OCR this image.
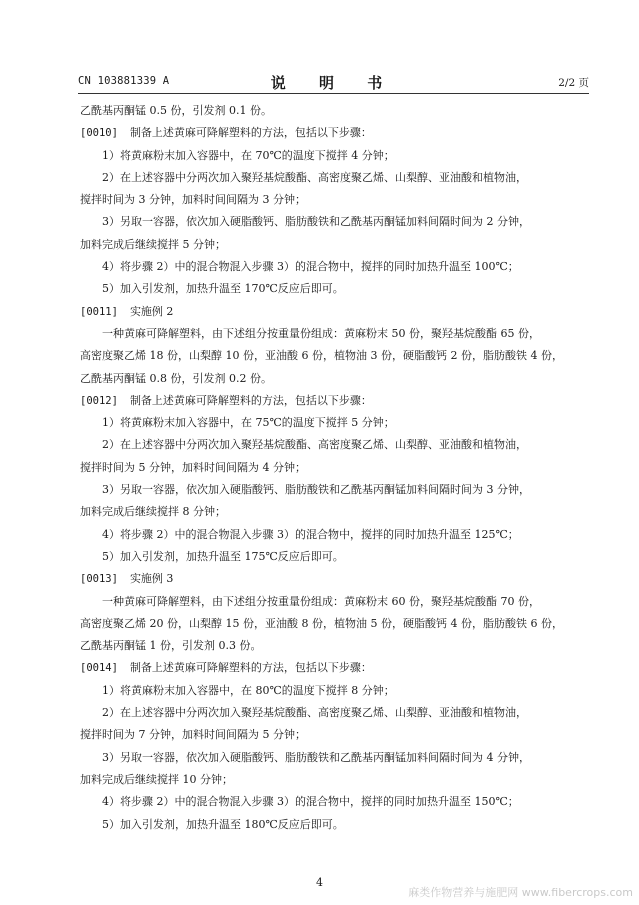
CN 103881339 A	说 明 书	2/2 页
乙酰基丙酮锰 0.5 份，引发剂 0.1 份。
[0010] 制备上述黄麻可降解塑料的方法，包括以下步骤：
1）将黄麻粉末加入容器中，在 70℃的温度下搅拌 4 分钟；
2）在上述容器中分两次加入聚羟基烷酸酯、高密度聚乙烯、山梨醇、亚油酸和植物油，
搅拌时间为 3 分钟，加料时间间隔为 3 分钟；
3）另取一容器，依次加入硬脂酸钙、脂肪酸铁和乙酰基丙酮锰加料间隔时间为 2 分钟，
加料完成后继续搅拌 5 分钟；
4）将步骤 2）中的混合物混入步骤 3）的混合物中，搅拌的同时加热升温至 100℃；
5）加入引发剂，加热升温至 170℃反应后即可。
[0011] 实施例 2
一种黄麻可降解塑料，由下述组分按重量份组成：黄麻粉末 50 份，聚羟基烷酸酯 65 份，
高密度聚乙烯 18 份，山梨醇 10 份，亚油酸 6 份，植物油 3 份，硬脂酸钙 2 份，脂肪酸铁 4 份，
乙酰基丙酮锰 0.8 份，引发剂 0.2 份。
[0012] 制备上述黄麻可降解塑料的方法，包括以下步骤：
1）将黄麻粉末加入容器中，在 75℃的温度下搅拌 5 分钟；
2）在上述容器中分两次加入聚羟基烷酸酯、高密度聚乙烯、山梨醇、亚油酸和植物油，
搅拌时间为 5 分钟，加料时间间隔为 4 分钟；
3）另取一容器，依次加入硬脂酸钙、脂肪酸铁和乙酰基丙酮锰加料间隔时间为 3 分钟，
加料完成后继续搅拌 8 分钟；
4）将步骤 2）中的混合物混入步骤 3）的混合物中，搅拌的同时加热升温至 125℃；
5）加入引发剂，加热升温至 175℃反应后即可。
[0013] 实施例 3
一种黄麻可降解塑料，由下述组分按重量份组成：黄麻粉末 60 份，聚羟基烷酸酯 70 份，
高密度聚乙烯 20 份，山梨醇 15 份，亚油酸 8 份，植物油 5 份，硬脂酸钙 4 份，脂肪酸铁 6 份，
乙酰基丙酮锰 1 份，引发剂 0.3 份。
[0014] 制备上述黄麻可降解塑料的方法，包括以下步骤：
1）将黄麻粉末加入容器中，在 80℃的温度下搅拌 8 分钟；
2）在上述容器中分两次加入聚羟基烷酸酯、高密度聚乙烯、山梨醇、亚油酸和植物油，
搅拌时间为 7 分钟，加料时间间隔为 5 分钟；
3）另取一容器，依次加入硬脂酸钙、脂肪酸铁和乙酰基丙酮锰加料间隔时间为 4 分钟，
加料完成后继续搅拌 10 分钟；
4）将步骤 2）中的混合物混入步骤 3）的混合物中，搅拌的同时加热升温至 150℃；
5）加入引发剂，加热升温至 180℃反应后即可。
4
麻类作物营养与施肥网 www.fibercrops.com
